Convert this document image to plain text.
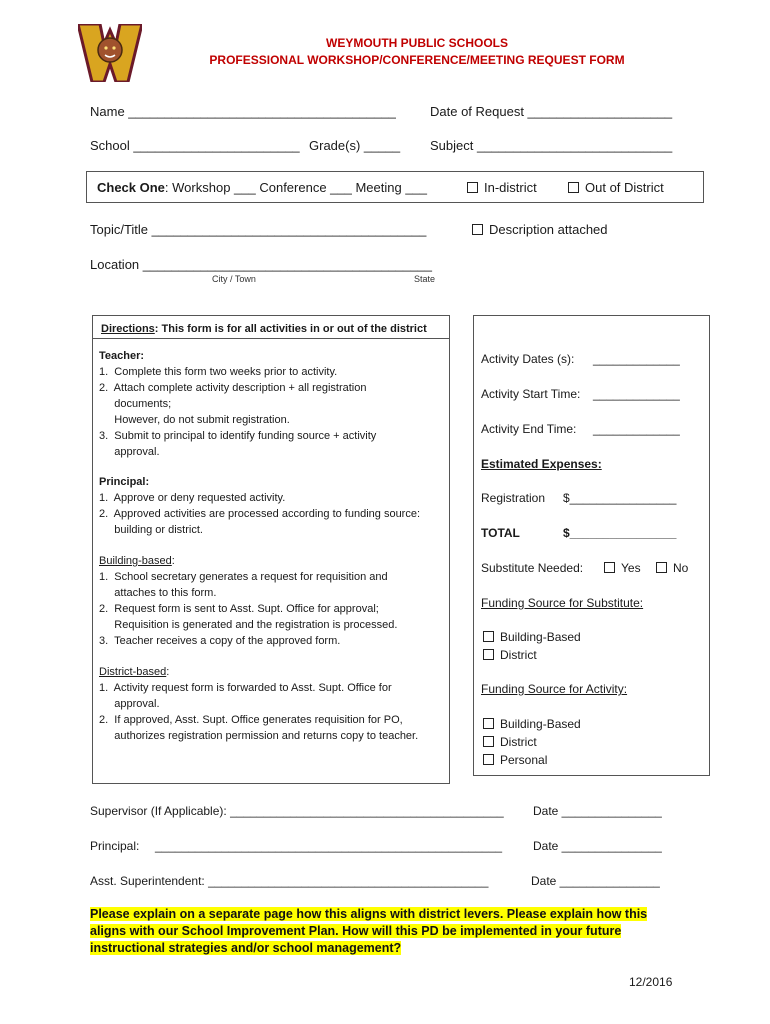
WEYMOUTH PUBLIC SCHOOLS
PROFESSIONAL WORKSHOP/CONFERENCE/MEETING REQUEST FORM
Name _____________________________________	Date of Request ____________________
School _______________________ Grade(s) _____ Subject ___________________________
Check One: Workshop ___ Conference ___ Meeting ___	In-district	Out of District
Topic/Title ______________________________________	Description attached
Location ________________________________________
City / Town	State
Directions: This form is for all activities in or out of the district
Teacher:
1.  Complete this form two weeks prior to activity.
2.  Attach complete activity description + all registration
documents;
However, do not submit registration.
3.  Submit to principal to identify funding source + activity
approval.
Principal:
1.  Approve or deny requested activity.
2.  Approved activities are processed according to funding source:
building or district.
Building-based:
1.  School secretary generates a request for requisition and
attaches to this form.
2.  Request form is sent to Asst. Supt. Office for approval;
Requisition is generated and the registration is processed.
3.  Teacher receives a copy of the approved form.
District-based:
1.  Activity request form is forwarded to Asst. Supt. Office for
approval.
2.  If approved, Asst. Supt. Office generates requisition for PO,
authorizes registration permission and returns copy to teacher.
Activity Dates (s): _____________
Activity Start Time: _____________
Activity End Time: _____________
Estimated Expenses:
Registration $________________
TOTAL	$________________
Substitute Needed:	Yes	No
Funding Source for Substitute:
Building-Based
District
Funding Source for Activity:
Building-Based
District
Personal
Supervisor (If Applicable): _________________________________________ Date _______________
Principal: ____________________________________________________	Date _______________
Asst. Superintendent: __________________________________________	Date _______________
Please explain on a separate page how this aligns with district levers. Please explain how this aligns with our School Improvement Plan. How will this PD be implemented in your future instructional strategies and/or school management?
12/2016
